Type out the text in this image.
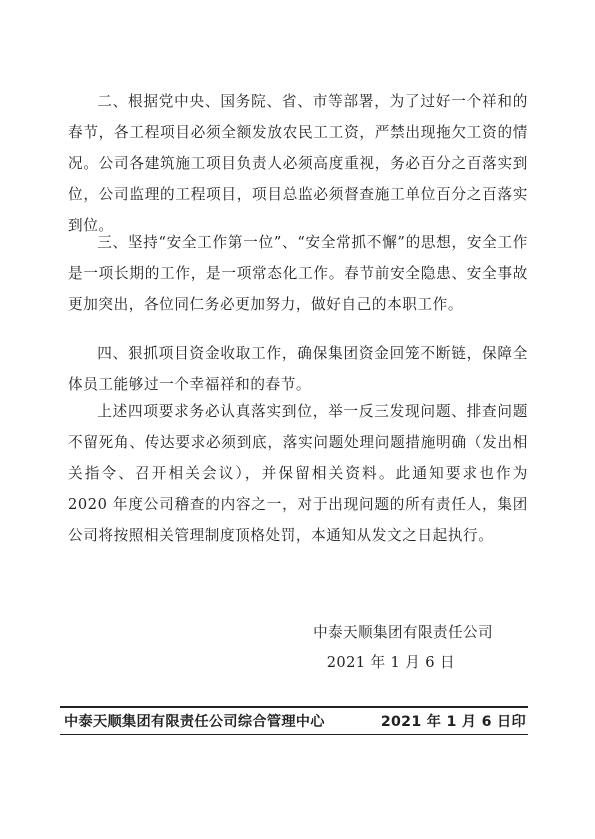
二、根据党中央、国务院、省、市等部署，为了过好一个祥和的春节，各工程项目必须全额发放农民工工资，严禁出现拖欠工资的情况。公司各建筑施工项目负责人必须高度重视，务必百分之百落实到位，公司监理的工程项目，项目总监必须督查施工单位百分之百落实到位。

三、坚持“安全工作第一位”、“安全常抓不懈”的思想，安全工作是一项长期的工作，是一项常态化工作。春节前安全隐患、安全事故更加突出，各位同仁务必更加努力，做好自己的本职工作。

四、狠抓项目资金收取工作，确保集团资金回笼不断链，保障全体员工能够过一个幸福祥和的春节。

上述四项要求务必认真落实到位，举一反三发现问题、排查问题不留死角、传达要求必须到底，落实问题处理问题措施明确（发出相关指令、召开相关会议），并保留相关资料。此通知要求也作为 2020 年度公司稽查的内容之一，对于出现问题的所有责任人，集团公司将按照相关管理制度顶格处罚，本通知从发文之日起执行。

中泰天顺集团有限责任公司
2021 年 1 月 6 日
中泰天顺集团有限责任公司综合管理中心	2021 年 1 月 6 日印
